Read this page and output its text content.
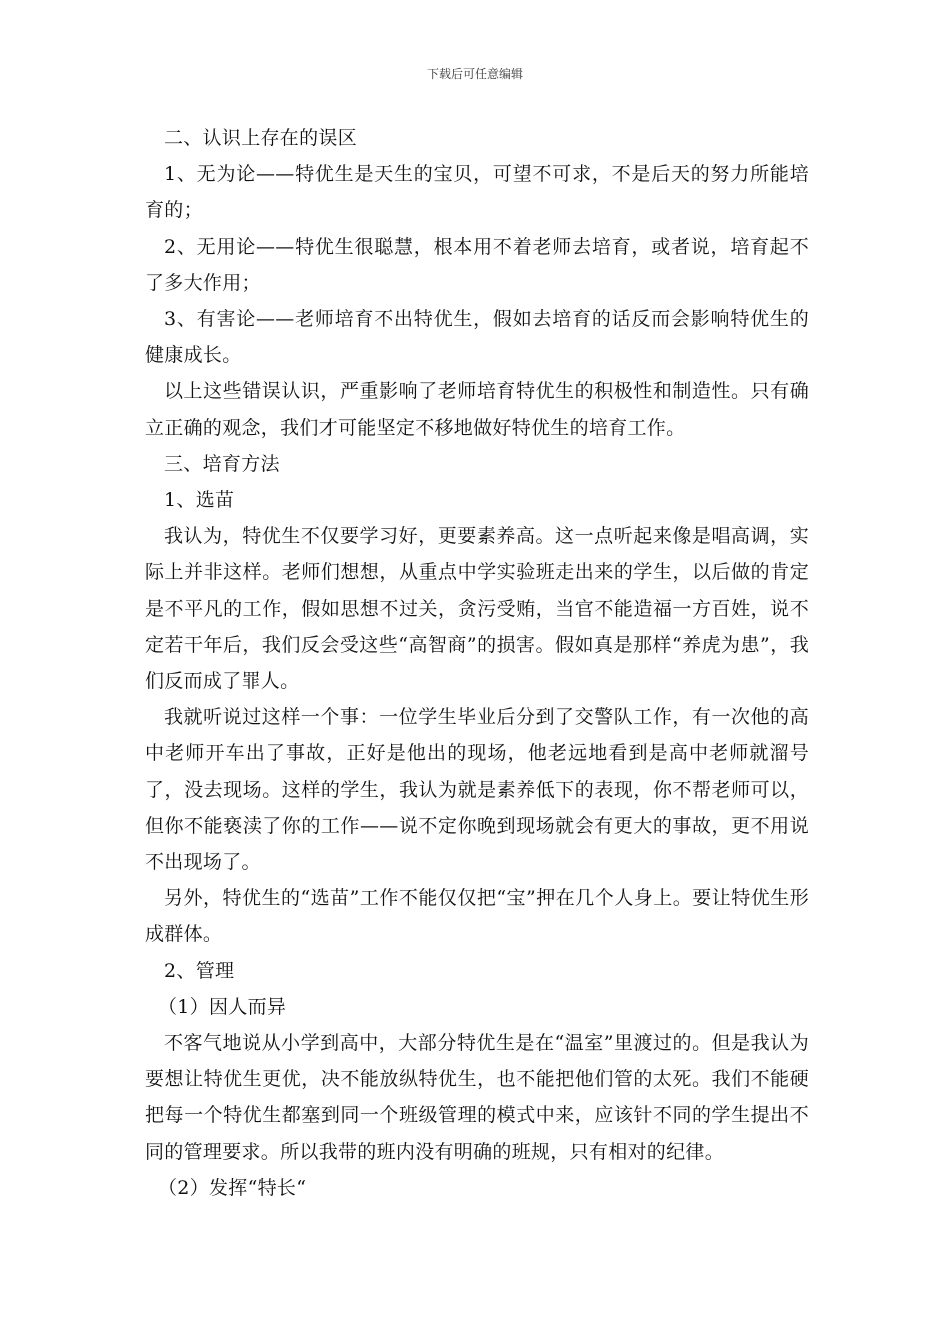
下载后可任意编辑

二、认识上存在的误区

1、无为论——特优生是天生的宝贝，可望不可求，不是后天的努力所能培育的；

2、无用论——特优生很聪慧，根本用不着老师去培育，或者说，培育起不了多大作用；

3、有害论——老师培育不出特优生，假如去培育的话反而会影响特优生的健康成长。

以上这些错误认识，严重影响了老师培育特优生的积极性和制造性。只有确立正确的观念，我们才可能坚定不移地做好特优生的培育工作。

三、培育方法

1、选苗

我认为，特优生不仅要学习好，更要素养高。这一点听起来像是唱高调，实际上并非这样。老师们想想，从重点中学实验班走出来的学生，以后做的肯定是不平凡的工作，假如思想不过关，贪污受贿，当官不能造福一方百姓，说不定若干年后，我们反会受这些“高智商”的损害。假如真是那样“养虎为患”，我们反而成了罪人。

我就听说过这样一个事：一位学生毕业后分到了交警队工作，有一次他的高中老师开车出了事故，正好是他出的现场，他老远地看到是高中老师就溜号了，没去现场。这样的学生，我认为就是素养低下的表现，你不帮老师可以，但你不能亵渎了你的工作——说不定你晚到现场就会有更大的事故，更不用说不出现场了。

另外，特优生的“选苗”工作不能仅仅把“宝”押在几个人身上。要让特优生形成群体。

2、管理

（1）因人而异

不客气地说从小学到高中，大部分特优生是在“温室”里渡过的。但是我认为要想让特优生更优，决不能放纵特优生，也不能把他们管的太死。我们不能硬把每一个特优生都塞到同一个班级管理的模式中来，应该针不同的学生提出不同的管理要求。所以我带的班内没有明确的班规，只有相对的纪律。

（2）发挥“特长“
